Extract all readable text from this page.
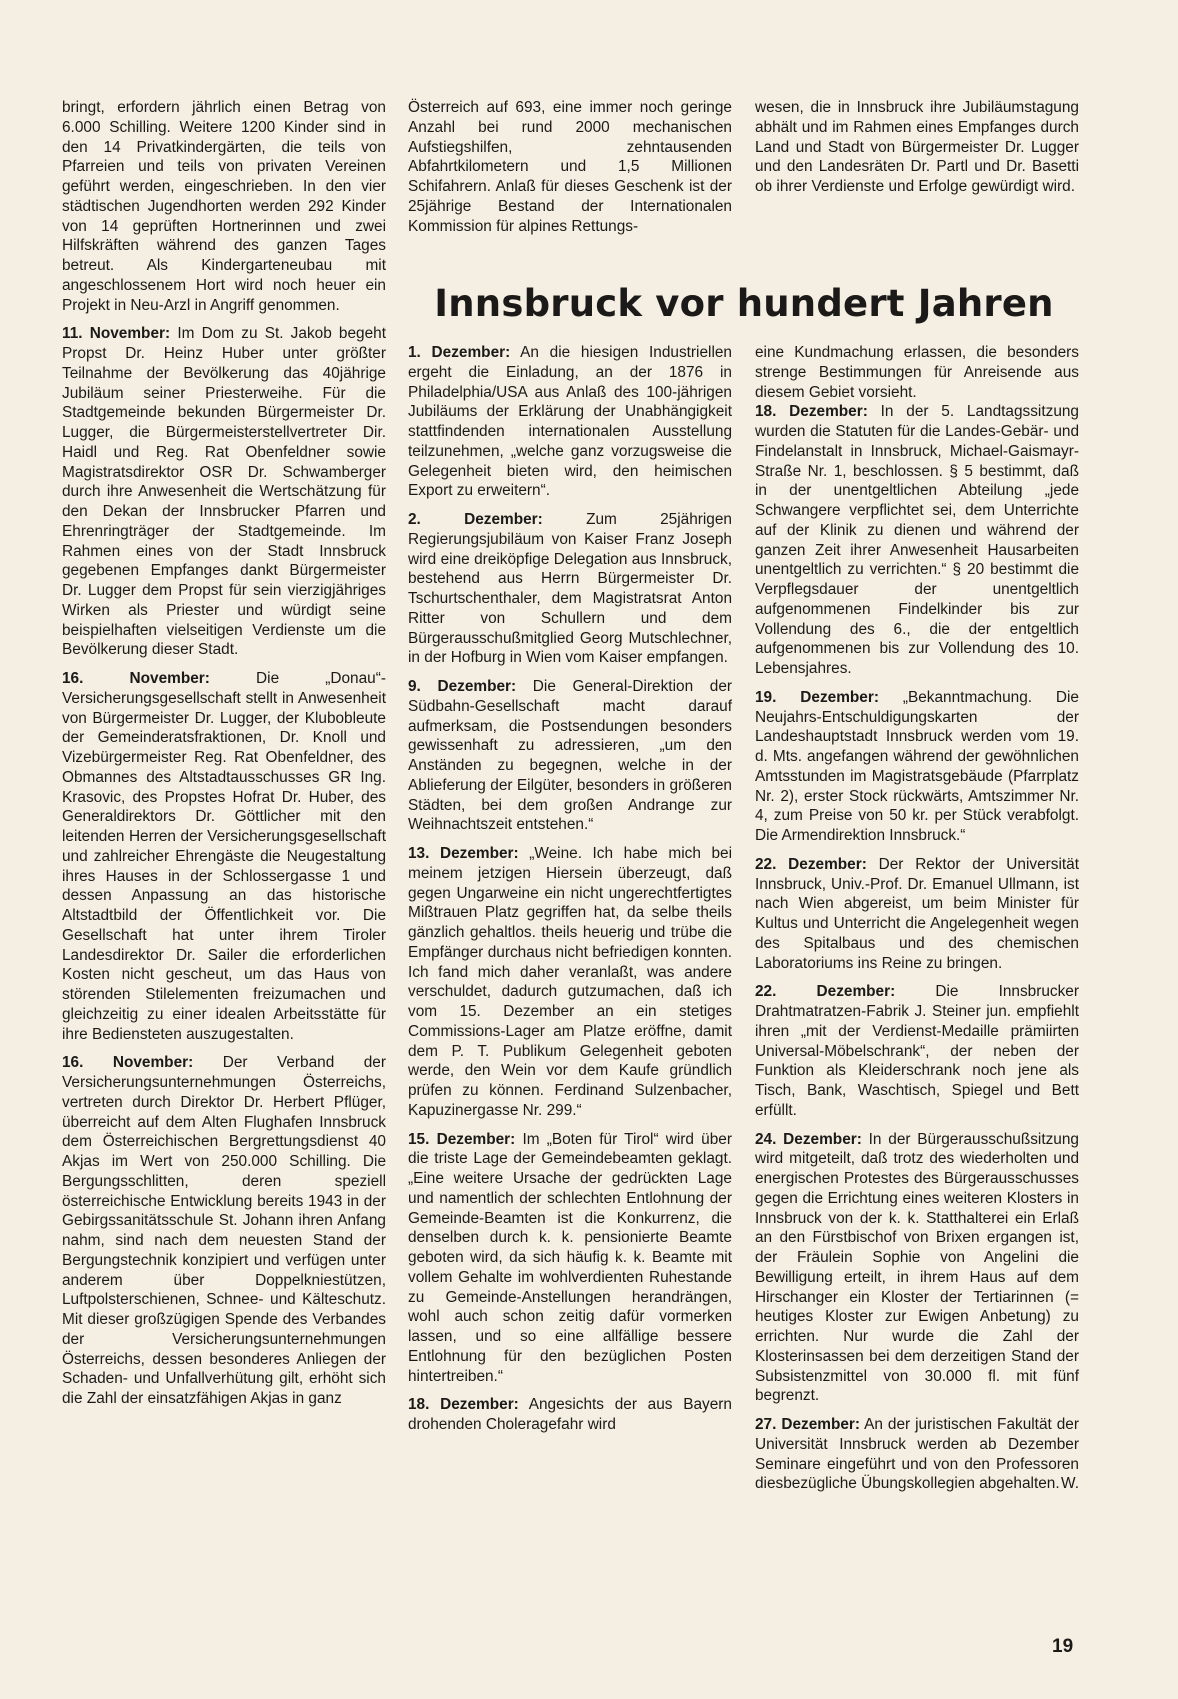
bringt, erfordern jährlich einen Betrag von 6.000 Schilling. Weitere 1200 Kinder sind in den 14 Privatkindergärten, die teils von Pfarreien und teils von privaten Vereinen geführt werden, eingeschrieben. In den vier städtischen Jugendhorten werden 292 Kinder von 14 geprüften Hortnerinnen und zwei Hilfskräften während des ganzen Tages betreut. Als Kindergarteneubau mit angeschlossenem Hort wird noch heuer ein Projekt in Neu-Arzl in Angriff genommen.

11. November: Im Dom zu St. Jakob begeht Propst Dr. Heinz Huber unter größter Teilnahme der Bevölkerung das 40jährige Jubiläum seiner Priesterweihe. Für die Stadtgemeinde bekunden Bürgermeister Dr. Lugger, die Bürgermeisterstellvertreter Dir. Haidl und Reg. Rat Obenfeldner sowie Magistratsdirektor OSR Dr. Schwamberger durch ihre Anwesenheit die Wertschätzung für den Dekan der Innsbrucker Pfarren und Ehrenringträger der Stadtgemeinde. Im Rahmen eines von der Stadt Innsbruck gegebenen Empfanges dankt Bürgermeister Dr. Lugger dem Propst für sein vierzigjähriges Wirken als Priester und würdigt seine beispielhaften vielseitigen Verdienste um die Bevölkerung dieser Stadt.

16. November:	Die „Donau“-Versicherungsgesellschaft stellt in Anwesenheit von Bürgermeister Dr. Lugger, der Klubobleute der Gemeinderatsfraktionen, Dr. Knoll und Vizebürgermeister Reg. Rat Obenfeldner, des Obmannes des Altstadtausschusses GR Ing. Krasovic, des Propstes Hofrat Dr. Huber, des Generaldirektors Dr. Göttlicher mit den leitenden Herren der Versicherungsgesellschaft und zahlreicher Ehrengäste die Neugestaltung ihres Hauses in der Schlossergasse 1 und dessen Anpassung an das historische Altstadtbild der Öffentlichkeit vor. Die Gesellschaft hat unter ihrem Tiroler Landesdirektor Dr. Sailer die erforderlichen Kosten nicht gescheut, um das Haus von störenden Stilelementen freizumachen und gleichzeitig zu einer idealen Arbeitsstätte für ihre Bediensteten auszugestalten.

16. November: Der Verband der Versicherungsunternehmungen Österreichs, vertreten durch Direktor Dr. Herbert Pflüger, überreicht auf dem Alten Flughafen Innsbruck dem Österreichischen Bergrettungsdienst 40 Akjas im Wert von 250.000 Schilling. Die Bergungsschlitten, deren speziell österreichische Entwicklung bereits 1943 in der Gebirgssanitätsschule St. Johann ihren Anfang nahm, sind nach dem neuesten Stand der Bergungstechnik konzipiert und verfügen unter anderem über Doppelkniestützen, Luftpolsterschienen, Schnee- und Kälteschutz. Mit dieser großzügigen Spende des Verbandes der Versicherungsunternehmungen Österreichs, dessen besonderes Anliegen der Schaden- und Unfallverhütung gilt, erhöht sich die Zahl der einsatzfähigen Akjas in ganz

Österreich auf 693, eine immer noch geringe Anzahl bei rund 2000 mechanischen Aufstiegshilfen, zehntausenden Abfahrtkilometern und 1,5 Millionen Schifahrern. Anlaß für dieses Geschenk ist der 25jährige Bestand der Internationalen Kommission für alpines Rettungs-

wesen, die in Innsbruck ihre Jubiläumstagung abhält und im Rahmen eines Empfanges durch Land und Stadt von Bürgermeister Dr. Lugger und den Landesräten Dr. Partl und Dr. Basetti ob ihrer Verdienste und Erfolge gewürdigt wird.

Innsbruck vor hundert Jahren

1. Dezember: An die hiesigen Industriellen ergeht die Einladung, an der 1876 in Philadelphia/USA aus Anlaß des 100-jährigen Jubiläums der Erklärung der Unabhängigkeit stattfindenden internationalen Ausstellung teilzunehmen, „welche ganz vorzugsweise die Gelegenheit bieten wird, den heimischen Export zu erweitern“.

2. Dezember:	Zum 25jährigen Regierungsjubiläum von Kaiser Franz Joseph wird eine dreiköpfige Delegation aus Innsbruck, bestehend aus Herrn Bürgermeister Dr. Tschurtschenthaler, dem Magistratsrat Anton Ritter von Schullern und dem Bürgerausschußmitglied Georg Mutschlechner, in der Hofburg in Wien vom Kaiser empfangen.

9. Dezember: Die General-Direktion der Südbahn-Gesellschaft macht darauf aufmerksam, die Postsendungen besonders gewissenhaft zu adressieren, „um den Anständen zu begegnen, welche in der Ablieferung der Eilgüter, besonders in größeren Städten, bei dem großen Andrange zur Weihnachtszeit entstehen.“

13. Dezember: „Weine. Ich habe mich bei meinem jetzigen Hiersein überzeugt, daß gegen Ungarweine ein nicht ungerechtfertigtes Mißtrauen Platz gegriffen hat, da selbe theils gänzlich gehaltlos. theils heuerig und trübe die Empfänger durchaus nicht befriedigen konnten. Ich fand mich daher veranlaßt, was andere verschuldet, dadurch gutzumachen, daß ich vom 15. Dezember an ein stetiges Commissions-Lager am Platze eröffne, damit dem P. T. Publikum Gelegenheit geboten werde, den Wein vor dem Kaufe gründlich prüfen zu können. Ferdinand Sulzenbacher, Kapuzinergasse Nr. 299.“

15. Dezember: Im „Boten für Tirol“ wird über die triste Lage der Gemeindebeamten geklagt. „Eine weitere Ursache der gedrückten Lage und namentlich der schlechten Entlohnung der Gemeinde-Beamten ist die Konkurrenz, die denselben durch k. k. pensionierte Beamte geboten wird, da sich häufig k. k. Beamte mit vollem Gehalte im wohlverdienten Ruhestande zu Gemeinde-Anstellungen herandrängen, wohl auch schon zeitig dafür vormerken lassen, und so eine allfällige bessere Entlohnung für den bezüglichen Posten hintertreiben.“

18. Dezember: Angesichts der aus Bayern drohenden Choleragefahr wird

eine Kundmachung erlassen, die besonders strenge Bestimmungen für Anreisende aus diesem Gebiet vorsieht.

18. Dezember: In der 5. Landtagssitzung wurden die Statuten für die Landes-Gebär- und Findelanstalt in Innsbruck, Michael-Gaismayr-Straße Nr. 1, beschlossen. § 5 bestimmt, daß in der unentgeltlichen Abteilung „jede Schwangere verpflichtet sei, dem Unterrichte auf der Klinik zu dienen und während der ganzen Zeit ihrer Anwesenheit Hausarbeiten unentgeltlich zu verrichten.“ § 20 bestimmt die Verpflegsdauer der unentgeltlich aufgenommenen Findelkinder bis zur Vollendung des 6., die der entgeltlich aufgenommenen bis zur Vollendung des 10. Lebensjahres.

19. Dezember: „Bekanntmachung. Die Neujahrs-Entschuldigungskarten der Landeshauptstadt Innsbruck werden vom 19. d. Mts. angefangen während der gewöhnlichen Amtsstunden im Magistratsgebäude (Pfarrplatz Nr. 2), erster Stock rückwärts, Amtszimmer Nr. 4, zum Preise von 50 kr. per Stück verabfolgt. Die Armendirektion Innsbruck.“

22. Dezember: Der Rektor der Universität Innsbruck, Univ.-Prof. Dr. Emanuel Ullmann, ist nach Wien abgereist, um beim Minister für Kultus und Unterricht die Angelegenheit wegen des Spitalbaus und des chemischen Laboratoriums ins Reine zu bringen.

22. Dezember:	Die Innsbrucker Drahtmatratzen-Fabrik J. Steiner jun. empfiehlt ihren „mit der Verdienst-Medaille prämiirten Universal-Möbelschrank“, der neben der Funktion als Kleiderschrank noch jene als Tisch, Bank, Waschtisch, Spiegel und Bett erfüllt.

24. Dezember: In der Bürgerausschußsitzung wird mitgeteilt, daß trotz des wiederholten und energischen Protestes des Bürgerausschusses gegen die Errichtung eines weiteren Klosters in Innsbruck von der k. k. Statthalterei ein Erlaß an den Fürstbischof von Brixen ergangen ist, der Fräulein Sophie von Angelini die Bewilligung erteilt, in ihrem Haus auf dem Hirschanger ein Kloster der Tertiarinnen (= heutiges Kloster zur Ewigen Anbetung) zu errichten. Nur wurde die Zahl der Klosterinsassen bei dem derzeitigen Stand der Subsistenzmittel von 30.000 fl. mit fünf begrenzt.

27. Dezember: An der juristischen Fakultät der Universität Innsbruck werden ab Dezember Seminare eingeführt und von den Professoren diesbezügliche Übungskollegien abgehalten. W.

19
